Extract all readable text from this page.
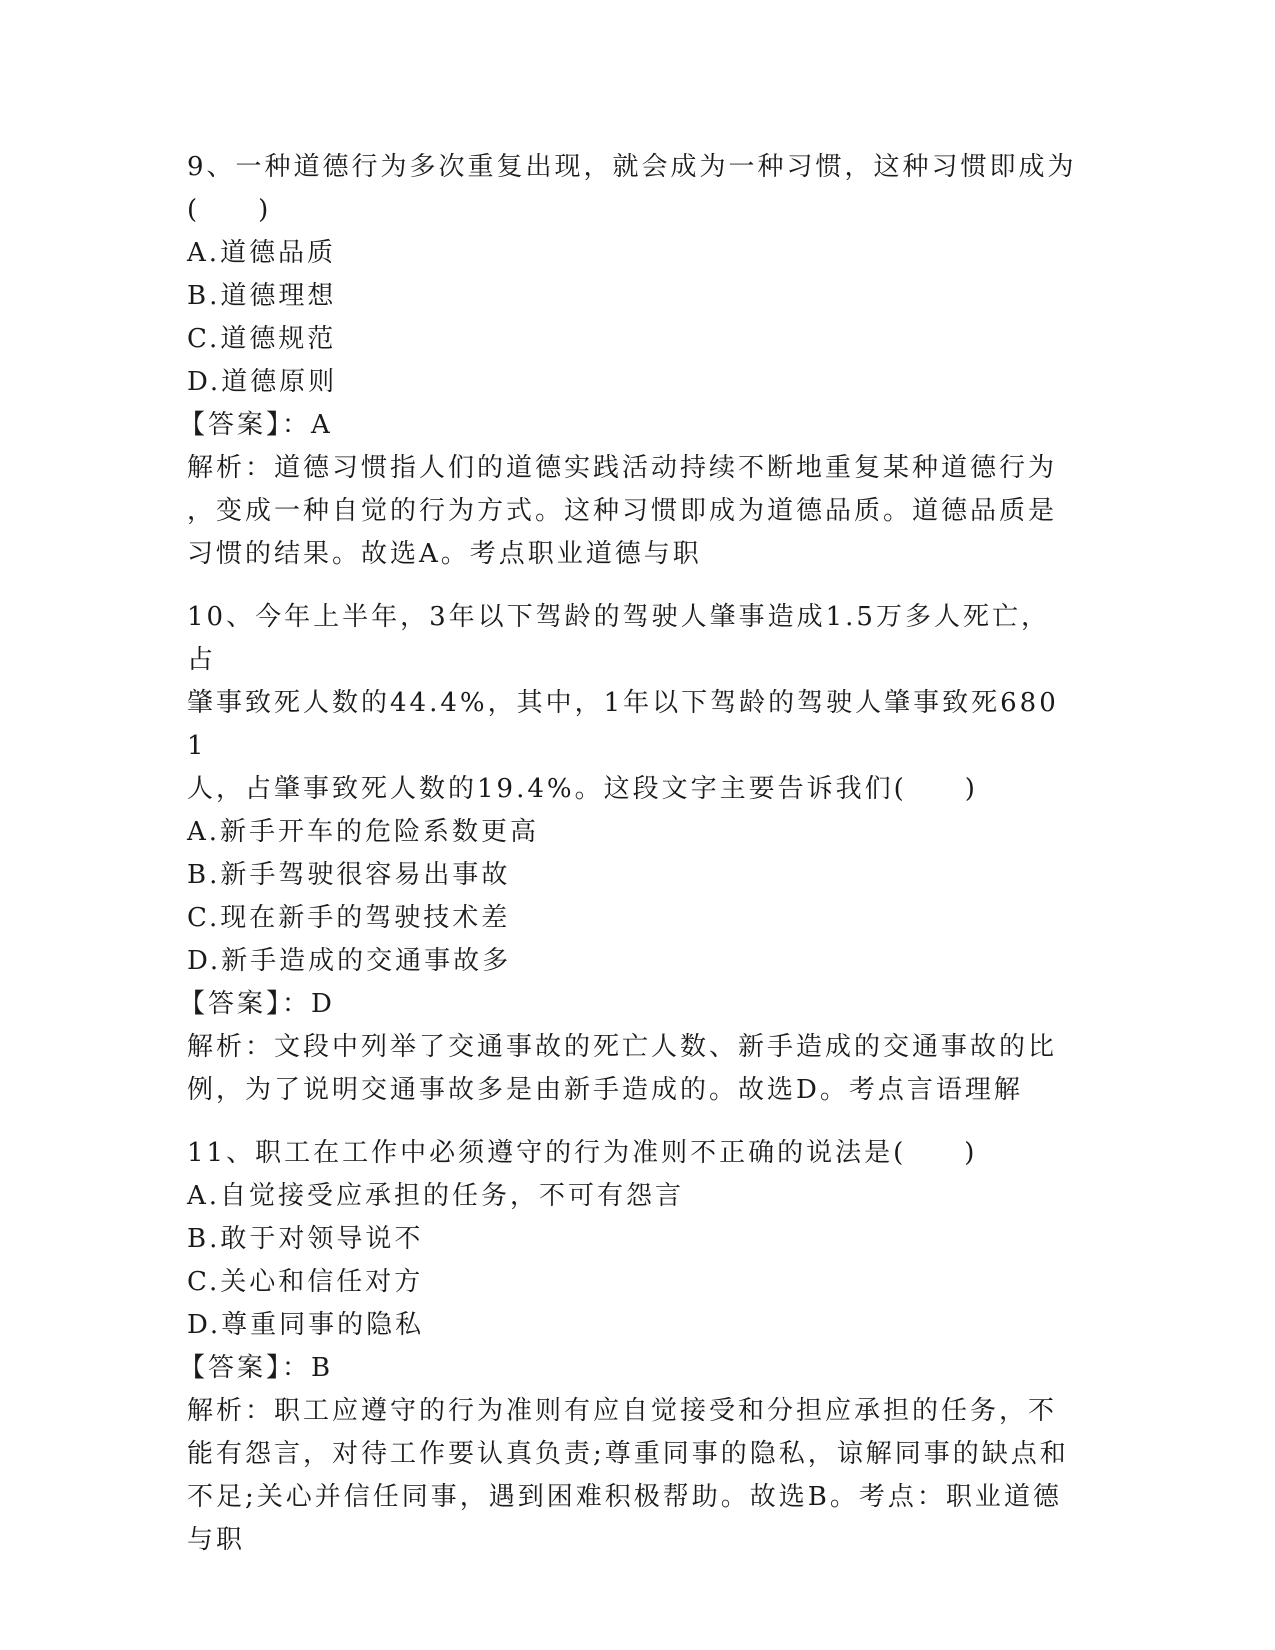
9、一种道德行为多次重复出现，就会成为一种习惯，这种习惯即成为
(　　)
A.道德品质
B.道德理想
C.道德规范
D.道德原则
【答案】：A
解析：道德习惯指人们的道德实践活动持续不断地重复某种道德行为
，变成一种自觉的行为方式。这种习惯即成为道德品质。道德品质是
习惯的结果。故选A。考点职业道德与职
10、今年上半年，3年以下驾龄的驾驶人肇事造成1.5万多人死亡，占
肇事致死人数的44.4%，其中，1年以下驾龄的驾驶人肇事致死6801
人，占肇事致死人数的19.4%。这段文字主要告诉我们(　　)
A.新手开车的危险系数更高
B.新手驾驶很容易出事故
C.现在新手的驾驶技术差
D.新手造成的交通事故多
【答案】：D
解析：文段中列举了交通事故的死亡人数、新手造成的交通事故的比
例，为了说明交通事故多是由新手造成的。故选D。考点言语理解
11、职工在工作中必须遵守的行为准则不正确的说法是(　　)
A.自觉接受应承担的任务，不可有怨言
B.敢于对领导说不
C.关心和信任对方
D.尊重同事的隐私
【答案】：B
解析：职工应遵守的行为准则有应自觉接受和分担应承担的任务，不
能有怨言，对待工作要认真负责;尊重同事的隐私，谅解同事的缺点和
不足;关心并信任同事，遇到困难积极帮助。故选B。考点：职业道德
与职
